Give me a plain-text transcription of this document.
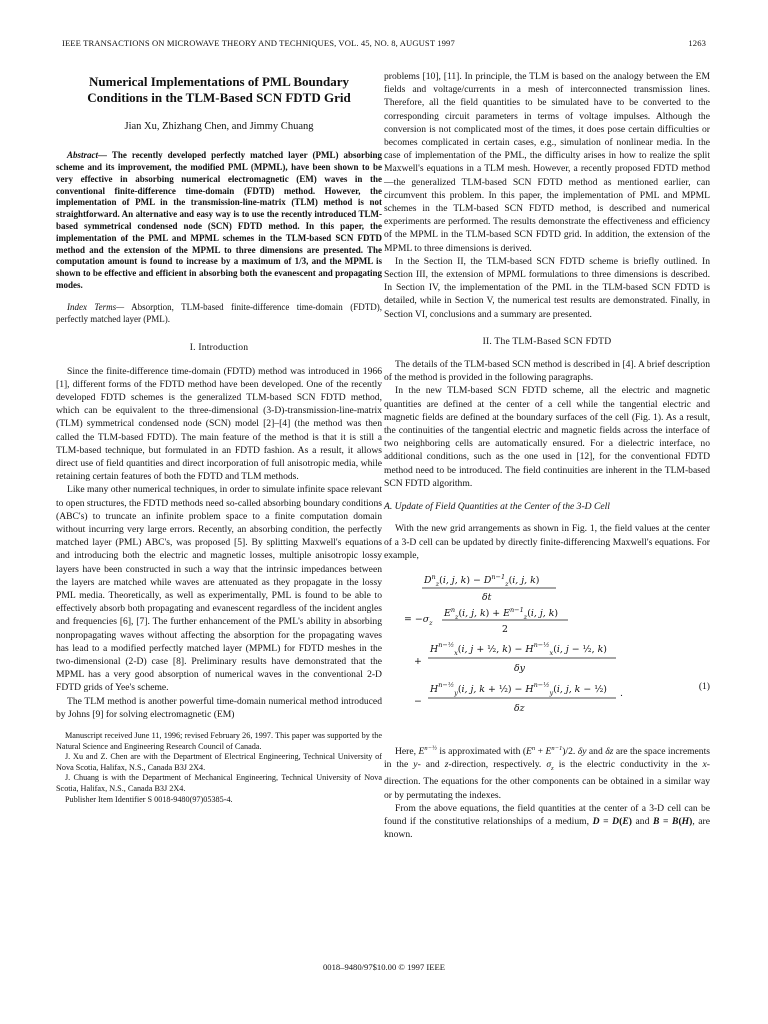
IEEE TRANSACTIONS ON MICROWAVE THEORY AND TECHNIQUES, VOL. 45, NO. 8, AUGUST 1997	1263
Numerical Implementations of PML Boundary
Conditions in the TLM-Based SCN FDTD Grid
Jian Xu, Zhizhang Chen, and Jimmy Chuang

Abstract— The recently developed perfectly matched layer (PML) absorbing scheme and its improvement, the modified PML (MPML), have been shown to be very effective in absorbing numerical electromagnetic (EM) waves in the conventional finite-difference time-domain (FDTD) method. However, the implementation of PML in the transmission-line-matrix (TLM) method is not straightforward. An alternative and easy way is to use the recently introduced TLM-based symmetrical condensed node (SCN) FDTD method. In this paper, the implementation of the PML and MPML schemes in the TLM-based SCN FDTD method and the extension of the MPML to three dimensions are presented. The computation amount is found to increase by a maximum of 1/3, and the MPML is shown to be effective and efficient in absorbing both the evanescent and propagating modes.

Index Terms— Absorption, TLM-based finite-difference time-domain (FDTD), perfectly matched layer (PML).

I. Introduction

Since the finite-difference time-domain (FDTD) method was introduced in 1966 [1], different forms of the FDTD method have been developed. One of the recently developed FDTD schemes is the generalized TLM-based SCN FDTD method, which can be equivalent to the three-dimensional (3-D)-transmission-line-matrix (TLM) symmetrical condensed node (SCN) model [2]–[4] (the method was then called the TLM-based FDTD). The main feature of the method is that it is still a TLM-based technique, but formulated in an FDTD fashion. As a result, it allows direct use of field quantities and direct incorporation of full anisotropic media, while retaining certain features of both the FDTD and TLM methods.

Like many other numerical techniques, in order to simulate infinite space relevant to open structures, the FDTD methods need so-called absorbing boundary conditions (ABC's) to truncate an infinite problem space to a finite computation domain without incurring very large errors. Recently, an absorbing condition, the perfectly matched layer (PML) ABC's, was proposed [5]. By splitting Maxwell's equations and introducing both the electric and magnetic losses, multiple anisotropic lossy layers have been constructed in such a way that the intrinsic impedances between the layers are matched while waves are attenuated as they propagate in the lossy PML media. Theoretically, as well as experimentally, PML is found to be able to effectively absorb both propagating and evanescent regardless of the incident angles and frequencies [6], [7]. The further enhancement of the PML's ability in absorbing nonpropagating waves without affecting the absorption for the propagating waves has lead to a modified perfectly matched layer (MPML) for FDTD meshes in the two-dimensional (2-D) case [8]. Preliminary results have demonstrated that the MPML has a very good absorption of numerical waves in the conventional 2-D FDTD grids of Yee's scheme.

The TLM method is another powerful time-domain numerical method introduced by Johns [9] for solving electromagnetic (EM)

Manuscript received June 11, 1996; revised February 26, 1997. This paper was supported by the Natural Science and Engineering Research Council of Canada.

J. Xu and Z. Chen are with the Department of Electrical Engineering, Technical University of Nova Scotia, Halifax, N.S., Canada B3J 2X4.

J. Chuang is with the Department of Mechanical Engineering, Technical University of Nova Scotia, Halifax, N.S., Canada B3J 2X4.

Publisher Item Identifier S 0018-9480(97)05385-4.

problems [10], [11]. In principle, the TLM is based on the analogy between the EM fields and voltage/currents in a mesh of interconnected transmission lines. Therefore, all the field quantities to be simulated have to be converted to the corresponding circuit parameters in terms of voltage impulses. Although the conversion is not complicated most of the times, it does pose certain difficulties or becomes complicated in certain cases, e.g., simulation of nonlinear media. In the case of implementation of the PML, the difficulty arises in how to realize the split Maxwell's equations in a TLM mesh. However, a recently proposed FDTD method—the generalized TLM-based SCN FDTD method as mentioned earlier, can circumvent this problem. In this paper, the implementation of PML and MPML schemes in the TLM-based SCN FDTD method, is described and numerical experiments are performed. The results demonstrate the effectiveness and efficiency of the MPML in the TLM-based SCN FDTD grid. In addition, the extension of the MPML to three dimensions is derived.

In the Section II, the TLM-based SCN FDTD scheme is briefly outlined. In Section III, the extension of MPML formulations to three dimensions is described. In Section IV, the implementation of the PML in the TLM-based SCN FDTD is detailed, while in Section V, the numerical test results are demonstrated. Finally, in Section VI, conclusions and a summary are presented.

II. The TLM-Based SCN FDTD

The details of the TLM-based SCN method is described in [4]. A brief description of the method is provided in the following paragraphs.

In the new TLM-based SCN FDTD scheme, all the electric and magnetic quantities are defined at the center of a cell while the tangential electric and magnetic fields are defined at the boundary surfaces of the cell (Fig. 1). As a result, the continuities of the tangential electric and magnetic fields across the interface of two neighboring cells are automatically ensured. For a dielectric interface, no additional conditions, such as the one used in [12], for the conventional FDTD method need to be introduced. The field continuities are inherent in the TLM-based SCN FDTD algorithm.

A. Update of Field Quantities at the Center of the 3-D Cell

With the new grid arrangements as shown in Fig. 1, the field values at the center of a 3-D cell can be updated by directly finite-differencing Maxwell's equations. For example,

$D^n_z(i$, j, $k) - D^{n-1}_z(i$, j, k)
δt
= $-\sigma_z$
$E^n_z(i$, j, $k) + E^{n-1}_z(i$, j, k)
2
+
$H^{n-\frac{1}{2}}_x(i$, j + ½, $k) - H^{n-\frac{1}{2}}_x(i$, j − ½, k)
δy
−
$H^{n-\frac{1}{2}}_y(i$, j, k + ½) − $H^{n-\frac{1}{2}}_y(i$, j, k − ½) .
δz
(1)

Here, $E^{n-\frac{1}{2}}$ is approximated with $(E^n + E^{n-1})/2$. δy and δz are the space increments in the y- and z-direction, respectively. $\sigma_z$ is the electric conductivity in the x-direction. The equations for the other components can be obtained in a similar way or by permutating the indexes.

From the above equations, the field quantities at the center of a 3-D cell can be found if the constitutive relationships of a medium, D = D(E) and B = B(H), are known.

0018–9480/97$10.00 © 1997 IEEE
